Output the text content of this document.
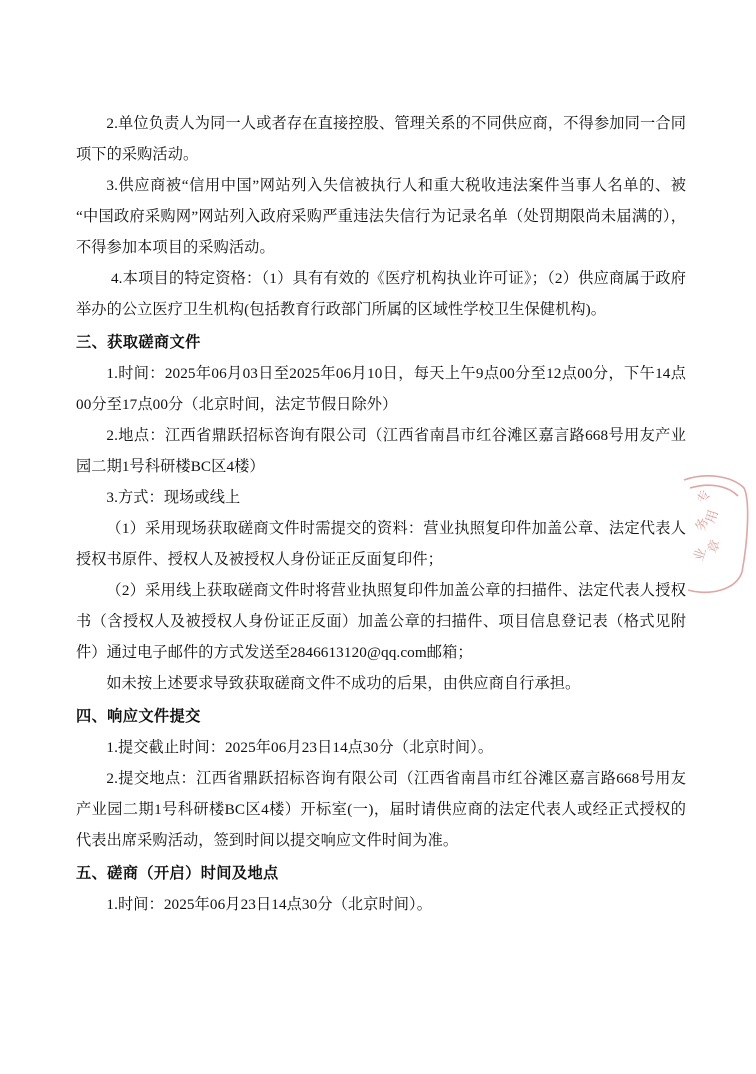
2.单位负责人为同一人或者存在直接控股、管理关系的不同供应商，不得参加同一合同项下的采购活动。

3.供应商被“信用中国”网站列入失信被执行人和重大税收违法案件当事人名单的、被“中国政府采购网”网站列入政府采购严重违法失信行为记录名单（处罚期限尚未届满的），不得参加本项目的采购活动。

4.本项目的特定资格：（1）具有有效的《医疗机构执业许可证》；（2）供应商属于政府举办的公立医疗卫生机构(包括教育行政部门所属的区域性学校卫生保健机构)。

三、获取磋商文件

1.时间：2025年06月03日至2025年06月10日，每天上午9点00分至12点00分，下午14点00分至17点00分（北京时间，法定节假日除外）

2.地点：江西省鼎跃招标咨询有限公司（江西省南昌市红谷滩区嘉言路668号用友产业园二期1号科研楼BC区4楼）

3.方式：现场或线上

（1）采用现场获取磋商文件时需提交的资料：营业执照复印件加盖公章、法定代表人授权书原件、授权人及被授权人身份证正反面复印件；

（2）采用线上获取磋商文件时将营业执照复印件加盖公章的扫描件、法定代表人授权书（含授权人及被授权人身份证正反面）加盖公章的扫描件、项目信息登记表（格式见附件）通过电子邮件的方式发送至2846613120@qq.com邮箱；

如未按上述要求导致获取磋商文件不成功的后果，由供应商自行承担。

四、响应文件提交

1.提交截止时间：2025年06月23日14点30分（北京时间）。

2.提交地点：江西省鼎跃招标咨询有限公司（江西省南昌市红谷滩区嘉言路668号用友产业园二期1号科研楼BC区4楼）开标室(一)，届时请供应商的法定代表人或经正式授权的代表出席采购活动，签到时间以提交响应文件时间为准。

五、磋商（开启）时间及地点

1.时间：2025年06月23日14点30分（北京时间）。

专
用
务
章
业
